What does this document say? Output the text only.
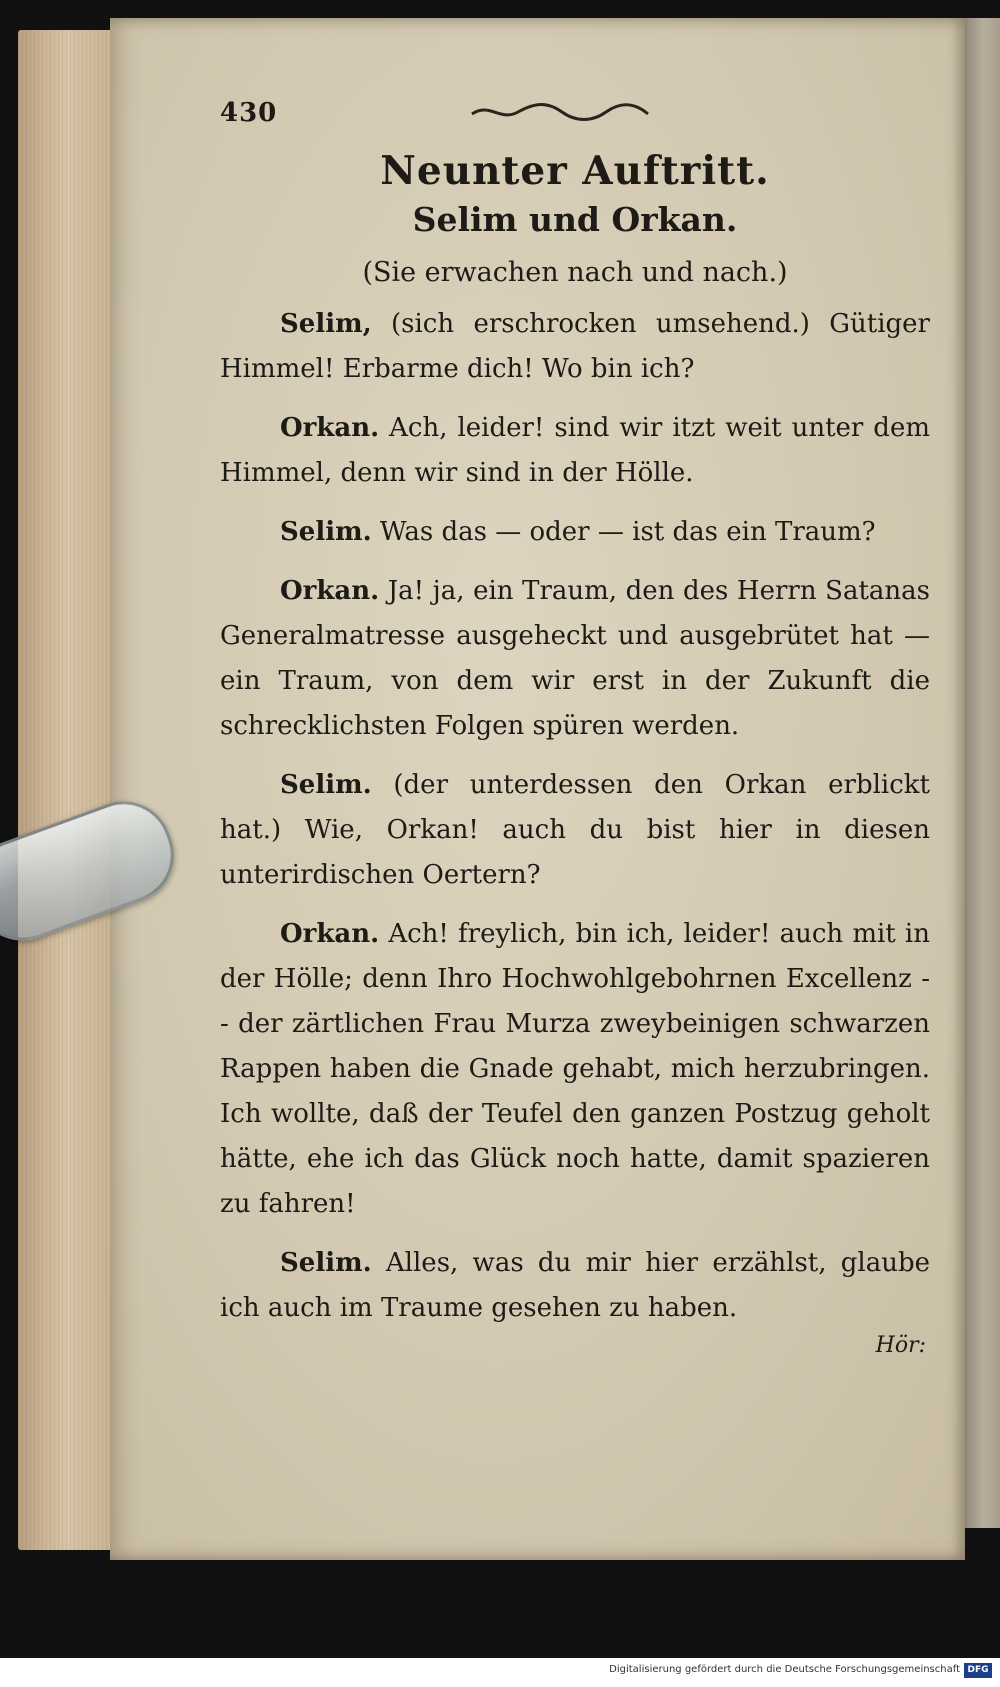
430
Neunter Auftritt.
Selim und Orkan.
(Sie erwachen nach und nach.)
Selim, (sich erschrocken umsehend.) Gütiger Himmel! Erbarme dich! Wo bin ich?
Orkan. Ach, leider! sind wir itzt weit unter dem Himmel, denn wir sind in der Hölle.
Selim. Was das — oder — ist das ein Traum?
Orkan. Ja! ja, ein Traum, den des Herrn Satanas Generalmatresse ausgeheckt und ausgebrütet hat — ein Traum, von dem wir erst in der Zukunft die schrecklichsten Folgen spüren werden.
Selim. (der unterdessen den Orkan erblickt hat.) Wie, Orkan! auch du bist hier in diesen unterirdischen Oertern?
Orkan. Ach! freylich, bin ich, leider! auch mit in der Hölle; denn Ihro Hochwohlgebohrnen Excellenz -- der zärtlichen Frau Murza zweybeinigen schwarzen Rappen haben die Gnade gehabt, mich herzubringen. Ich wollte, daß der Teufel den ganzen Postzug geholt hätte, ehe ich das Glück noch hatte, damit spazieren zu fahren!
Selim. Alles, was du mir hier erzählst, glaube ich auch im Traume gesehen zu haben.
Hör:
Digitalisierung gefördert durch die Deutsche Forschungsgemeinschaft DFG
